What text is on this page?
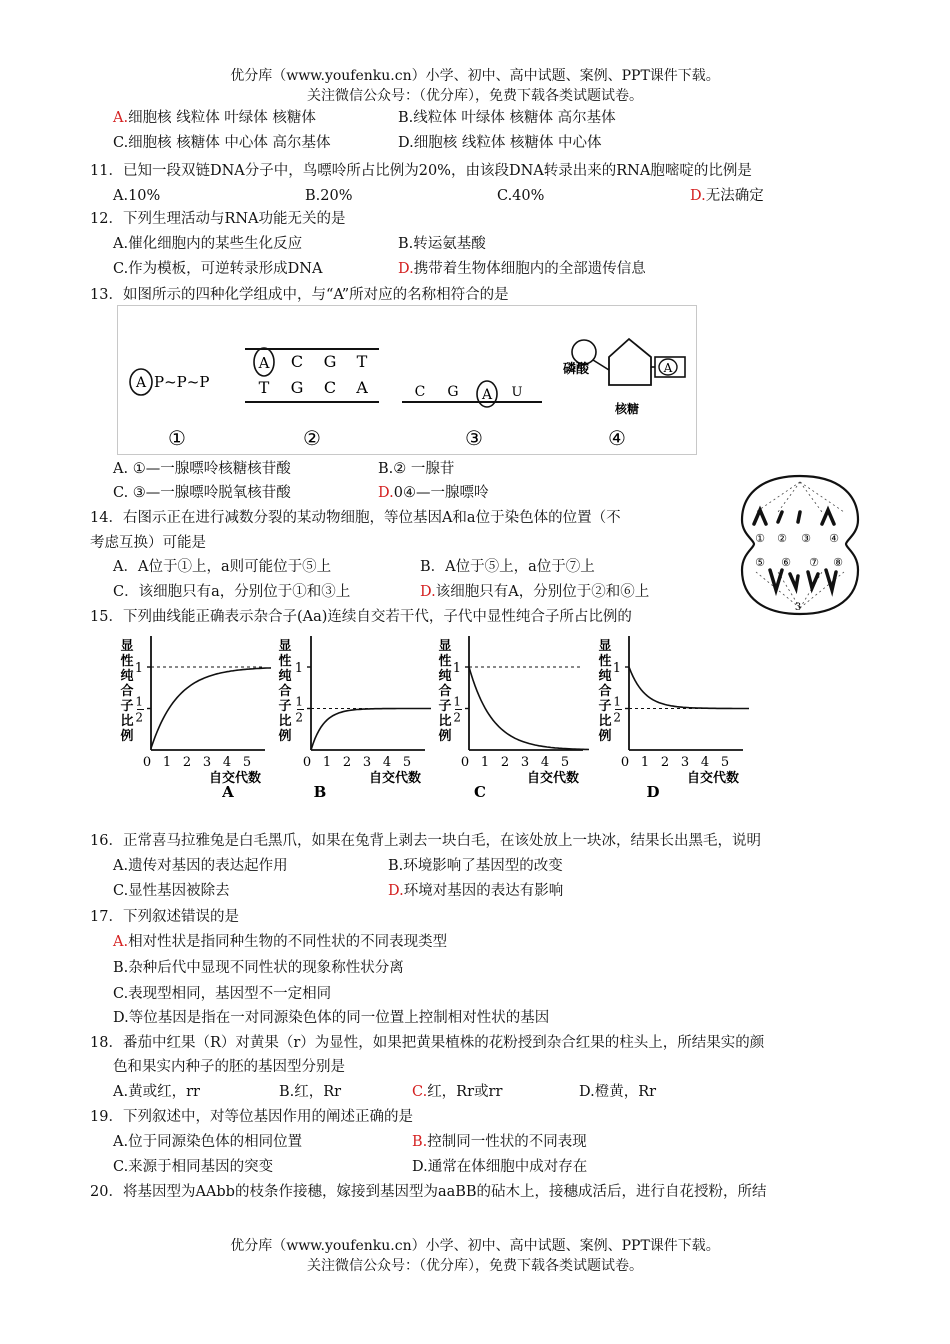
优分库（www.youfenku.cn）小学、初中、高中试题、案例、PPT课件下载。
关注微信公众号：（优分库），免费下载各类试题试卷。
A.细胞核 线粒体 叶绿体 核糖体	B.线粒体 叶绿体 核糖体 高尔基体
C.细胞核 核糖体 中心体 高尔基体	D.细胞核 线粒体 核糖体 中心体
11．已知一段双链DNA分子中，鸟嘌呤所占比例为20%，由该段DNA转录出来的RNA胞嘧啶的比例是
A.10%	B.20%	C.40%	D.无法确定
12．下列生理活动与RNA功能无关的是
A.催化细胞内的某些生化反应	B.转运氨基酸
C.作为模板，可逆转录形成DNA	D.携带着生物体细胞内的全部遗传信息
13．如图所示的四种化学组成中，与“A”所对应的名称相符合的是
A P~P~P
A C G T
T G C A	C G A U
A
磷酸
核糖
①	②	③	④
A. ①—一腺嘌呤核糖核苷酸	B.② 一腺苷
C. ③—一腺嘌呤脱氧核苷酸	D.0④—一腺嘌呤
14．右图示正在进行减数分裂的某动物细胞，等位基因A和a位于染色体的位置（不
考虑互换）可能是
A．A位于①上，a则可能位于⑤上	B．A位于⑤上，a位于⑦上
C．该细胞只有a，分别位于①和③上	D.该细胞只有A，分别位于②和⑥上
① ② ③ ④
⑤ ⑥ ⑦ ⑧
3
15．下列曲线能正确表示杂合子(Aa)连续自交若干代，子代中显性纯合子所占比例的
显
性
纯
合
子
比
例
1
1
2
0 1 2 3 4 5
自交代数
A
显
性
纯
合
子
比
例
1
1
2
0 1 2 3 4 5
自交代数
B
显
性
纯
合
子
比
例
1
1
2
0 1 2 3 4 5
自交代数
C
显
性
纯
合
子
比
例
1
1
2
0 1 2 3 4 5
自交代数
D
16．正常喜马拉雅兔是白毛黑爪，如果在兔背上剥去一块白毛，在该处放上一块冰，结果长出黑毛，说明
A.遗传对基因的表达起作用	B.环境影响了基因型的改变
C.显性基因被除去	D.环境对基因的表达有影响
17．下列叙述错误的是
A.相对性状是指同种生物的不同性状的不同表现类型
B.杂种后代中显现不同性状的现象称性状分离
C.表现型相同，基因型不一定相同
D.等位基因是指在一对同源染色体的同一位置上控制相对性状的基因
18．番茄中红果（R）对黄果（r）为显性，如果把黄果植株的花粉授到杂合红果的柱头上，所结果实的颜
色和果实内种子的胚的基因型分别是
A.黄或红，rr	B.红，Rr	C.红，Rr或rr	D.橙黄，Rr
19．下列叙述中，对等位基因作用的阐述正确的是
A.位于同源染色体的相同位置	B.控制同一性状的不同表现
C.来源于相同基因的突变	D.通常在体细胞中成对存在
20．将基因型为AAbb的枝条作接穗，嫁接到基因型为aaBB的砧木上，接穗成活后，进行自花授粉，所结
优分库（www.youfenku.cn）小学、初中、高中试题、案例、PPT课件下载。
关注微信公众号：（优分库），免费下载各类试题试卷。
